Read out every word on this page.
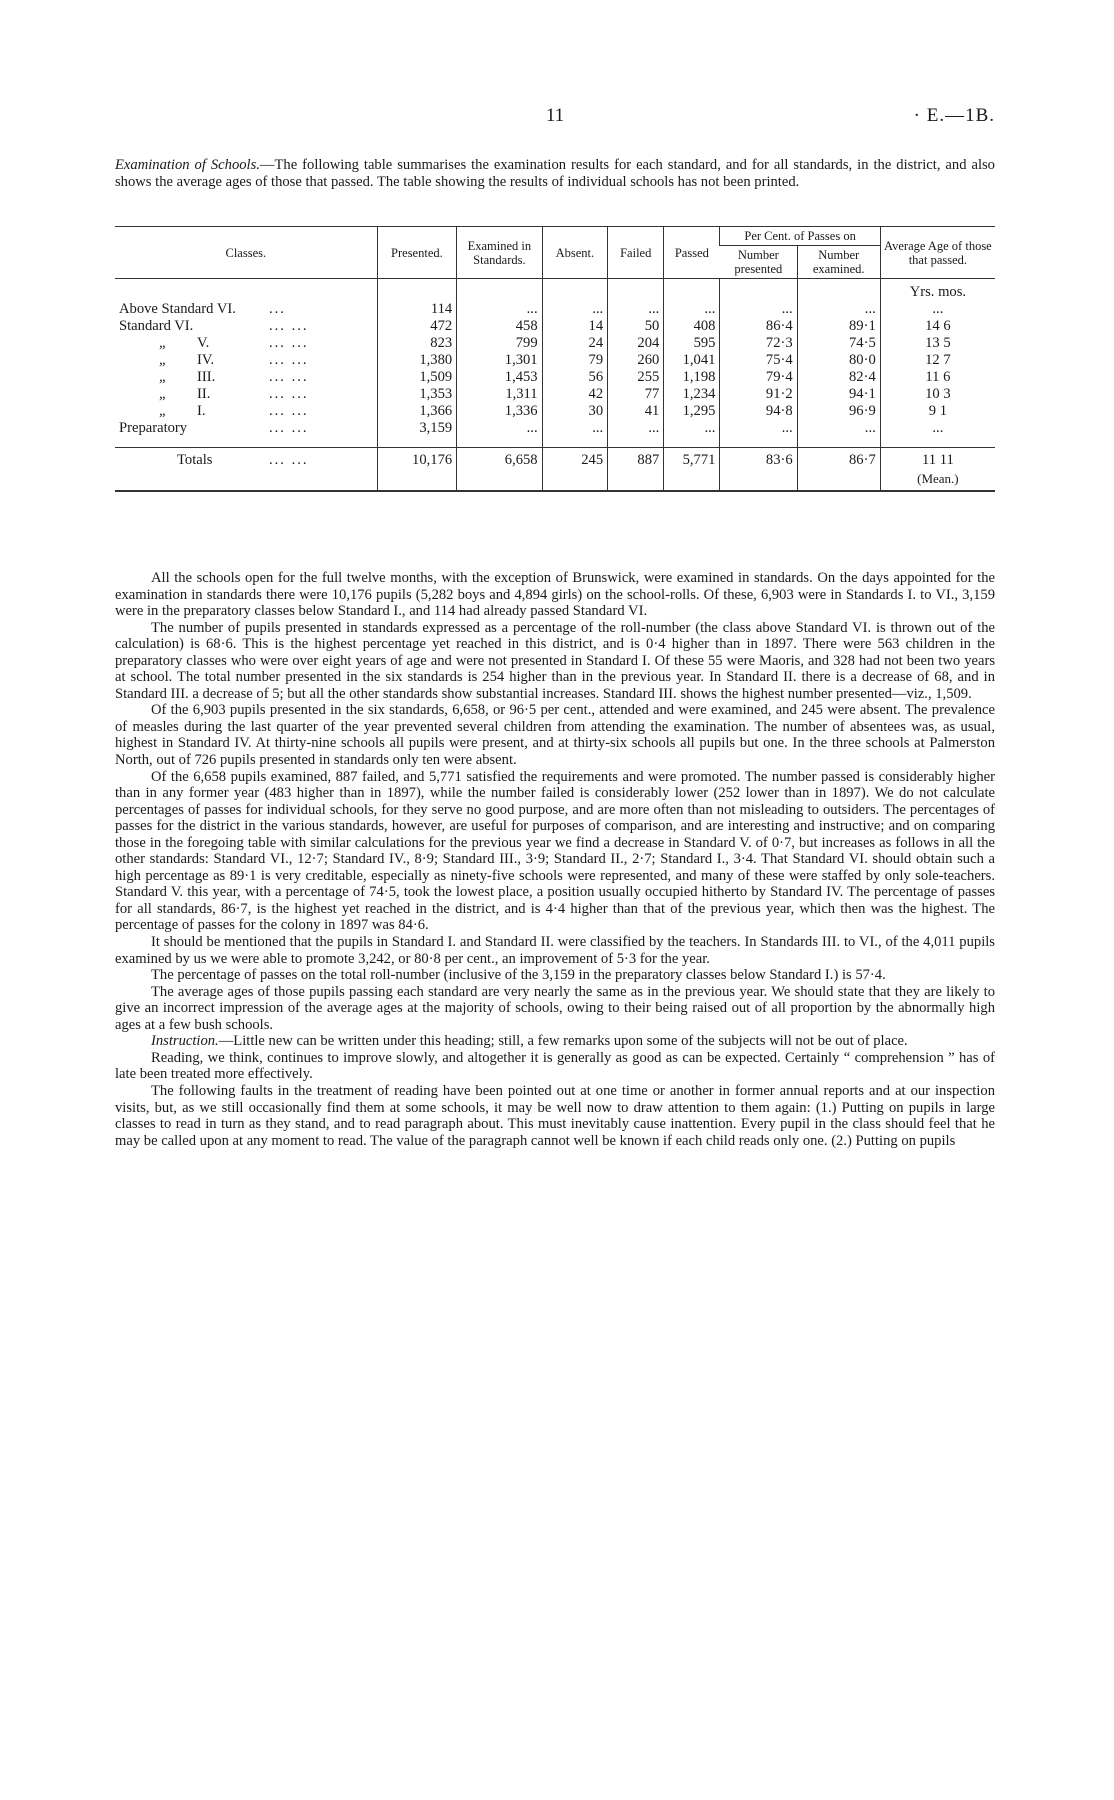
11	· E.—1B.

Examination of Schools.—The following table summarises the examination results for each standard, and for all standards, in the district, and also shows the average ages of those that passed. The table showing the results of individual schools has not been printed.

Classes.	Presented.	Examined in Standards.	Absent.	Failed	Passed	Per Cent. of Passes on		Average Age of those that passed.
						Number presented	Number examined.	
								Yrs. mos.
Above Standard VI. ...	114	...	...	...	...	...	...	...
Standard VI. ... ...	472	458	14	50	408	86·4	89·1	14 6
„ V. ... ...	823	799	24	204	595	72·3	74·5	13 5
„ IV. ... ...	1,380	1,301	79	260	1,041	75·4	80·0	12 7
„ III. ... ...	1,509	1,453	56	255	1,198	79·4	82·4	11 6
„ II. ... ...	1,353	1,311	42	77	1,234	91·2	94·1	10 3
„ I. ... ...	1,366	1,336	30	41	1,295	94·8	96·9	9 1
Preparatory ... ...	3,159	...	...	...	...	...	...	...

Totals ... ...	10,176	6,658	245	887	5,771	83·6	86·7	11 11
								(Mean.)

All the schools open for the full twelve months, with the exception of Brunswick, were examined in standards. On the days appointed for the examination in standards there were 10,176 pupils (5,282 boys and 4,894 girls) on the school-rolls. Of these, 6,903 were in Standards I. to VI., 3,159 were in the preparatory classes below Standard I., and 114 had already passed Standard VI.

The number of pupils presented in standards expressed as a percentage of the roll-number (the class above Standard VI. is thrown out of the calculation) is 68·6. This is the highest percentage yet reached in this district, and is 0·4 higher than in 1897. There were 563 children in the preparatory classes who were over eight years of age and were not presented in Standard I. Of these 55 were Maoris, and 328 had not been two years at school. The total number presented in the six standards is 254 higher than in the previous year. In Standard II. there is a decrease of 68, and in Standard III. a decrease of 5; but all the other standards show substantial increases. Standard III. shows the highest number presented—viz., 1,509.

Of the 6,903 pupils presented in the six standards, 6,658, or 96·5 per cent., attended and were examined, and 245 were absent. The prevalence of measles during the last quarter of the year prevented several children from attending the examination. The number of absentees was, as usual, highest in Standard IV. At thirty-nine schools all pupils were present, and at thirty-six schools all pupils but one. In the three schools at Palmerston North, out of 726 pupils presented in standards only ten were absent.

Of the 6,658 pupils examined, 887 failed, and 5,771 satisfied the requirements and were promoted. The number passed is considerably higher than in any former year (483 higher than in 1897), while the number failed is considerably lower (252 lower than in 1897). We do not calculate percentages of passes for individual schools, for they serve no good purpose, and are more often than not misleading to outsiders. The percentages of passes for the district in the various standards, however, are useful for purposes of comparison, and are interesting and instructive; and on comparing those in the foregoing table with similar calculations for the previous year we find a decrease in Standard V. of 0·7, but increases as follows in all the other standards: Standard VI., 12·7; Standard IV., 8·9; Standard III., 3·9; Standard II., 2·7; Standard I., 3·4. That Standard VI. should obtain such a high percentage as 89·1 is very creditable, especially as ninety-five schools were represented, and many of these were staffed by only sole-teachers. Standard V. this year, with a percentage of 74·5, took the lowest place, a position usually occupied hitherto by Standard IV. The percentage of passes for all standards, 86·7, is the highest yet reached in the district, and is 4·4 higher than that of the previous year, which then was the highest. The percentage of passes for the colony in 1897 was 84·6.

It should be mentioned that the pupils in Standard I. and Standard II. were classified by the teachers. In Standards III. to VI., of the 4,011 pupils examined by us we were able to promote 3,242, or 80·8 per cent., an improvement of 5·3 for the year.

The percentage of passes on the total roll-number (inclusive of the 3,159 in the preparatory classes below Standard I.) is 57·4.

The average ages of those pupils passing each standard are very nearly the same as in the previous year. We should state that they are likely to give an incorrect impression of the average ages at the majority of schools, owing to their being raised out of all proportion by the abnormally high ages at a few bush schools.

Instruction.—Little new can be written under this heading; still, a few remarks upon some of the subjects will not be out of place.

Reading, we think, continues to improve slowly, and altogether it is generally as good as can be expected. Certainly “ comprehension ” has of late been treated more effectively.

The following faults in the treatment of reading have been pointed out at one time or another in former annual reports and at our inspection visits, but, as we still occasionally find them at some schools, it may be well now to draw attention to them again: (1.) Putting on pupils in large classes to read in turn as they stand, and to read paragraph about. This must inevitably cause inattention. Every pupil in the class should feel that he may be called upon at any moment to read. The value of the paragraph cannot well be known if each child reads only one. (2.) Putting on pupils
